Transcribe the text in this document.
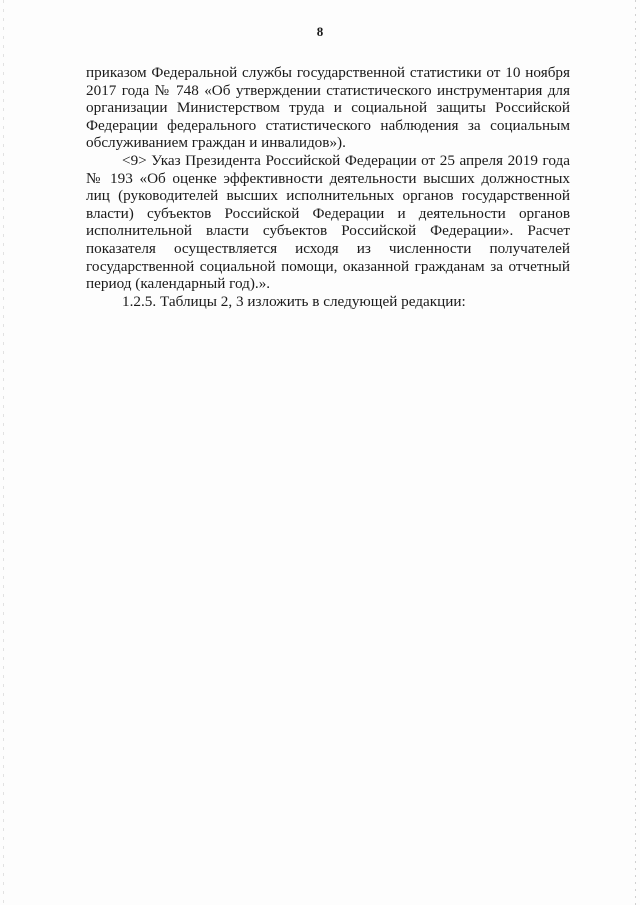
8

приказом Федеральной службы государственной статистики от 10 ноября 2017 года № 748 «Об утверждении статистического инструментария для организации Министерством труда и социальной защиты Российской Федерации федерального статистического наблюдения за социальным обслуживанием граждан и инвалидов»).

<9> Указ Президента Российской Федерации от 25 апреля 2019 года № 193 «Об оценке эффективности деятельности высших должностных лиц (руководителей высших исполнительных органов государственной власти) субъектов Российской Федерации и деятельности органов исполнительной власти субъектов Российской Федерации». Расчет показателя осуществляется исходя из численности получателей государственной социальной помощи, оказанной гражданам за отчетный период (календарный год).».

1.2.5. Таблицы 2, 3 изложить в следующей редакции:
